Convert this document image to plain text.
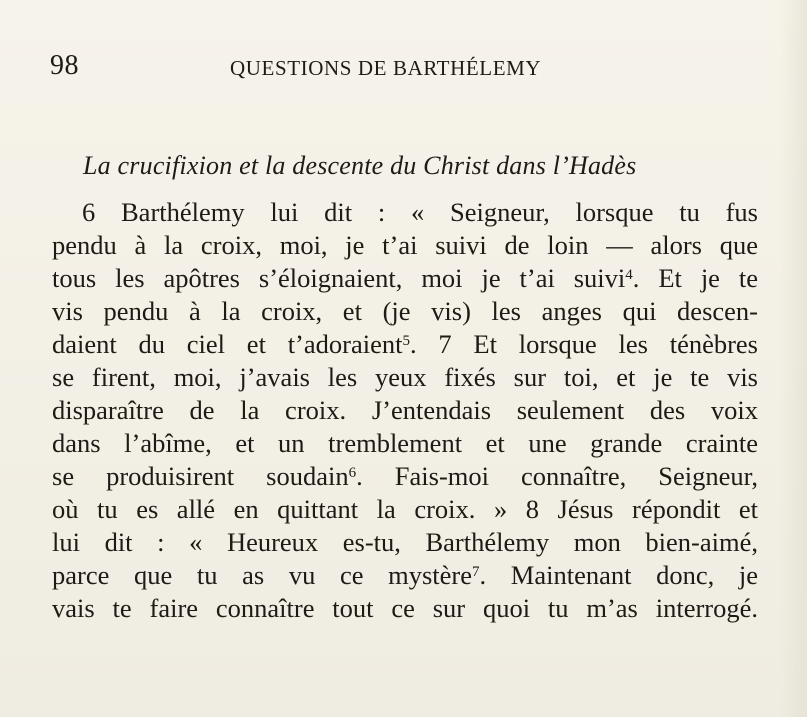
98	QUESTIONS DE BARTHÉLEMY
La crucifixion et la descente du Christ dans l’Hadès
6 Barthélemy lui dit : « Seigneur, lorsque tu fus
pendu à la croix, moi, je t’ai suivi de loin — alors que
tous les apôtres s’éloignaient, moi je t’ai suivi$^4$. Et je te
vis pendu à la croix, et (je vis) les anges qui descen-
daient du ciel et t’adoraient$^5$. 7 Et lorsque les ténèbres
se firent, moi, j’avais les yeux fixés sur toi, et je te vis
disparaître de la croix. J’entendais seulement des voix
dans l’abîme, et un tremblement et une grande crainte
se produisirent soudain$^6$. Fais-moi connaître, Seigneur,
où tu es allé en quittant la croix. » 8 Jésus répondit et
lui dit : « Heureux es-tu, Barthélemy mon bien-aimé,
parce que tu as vu ce mystère$^7$. Maintenant donc, je
vais te faire connaître tout ce sur quoi tu m’as interrogé.
